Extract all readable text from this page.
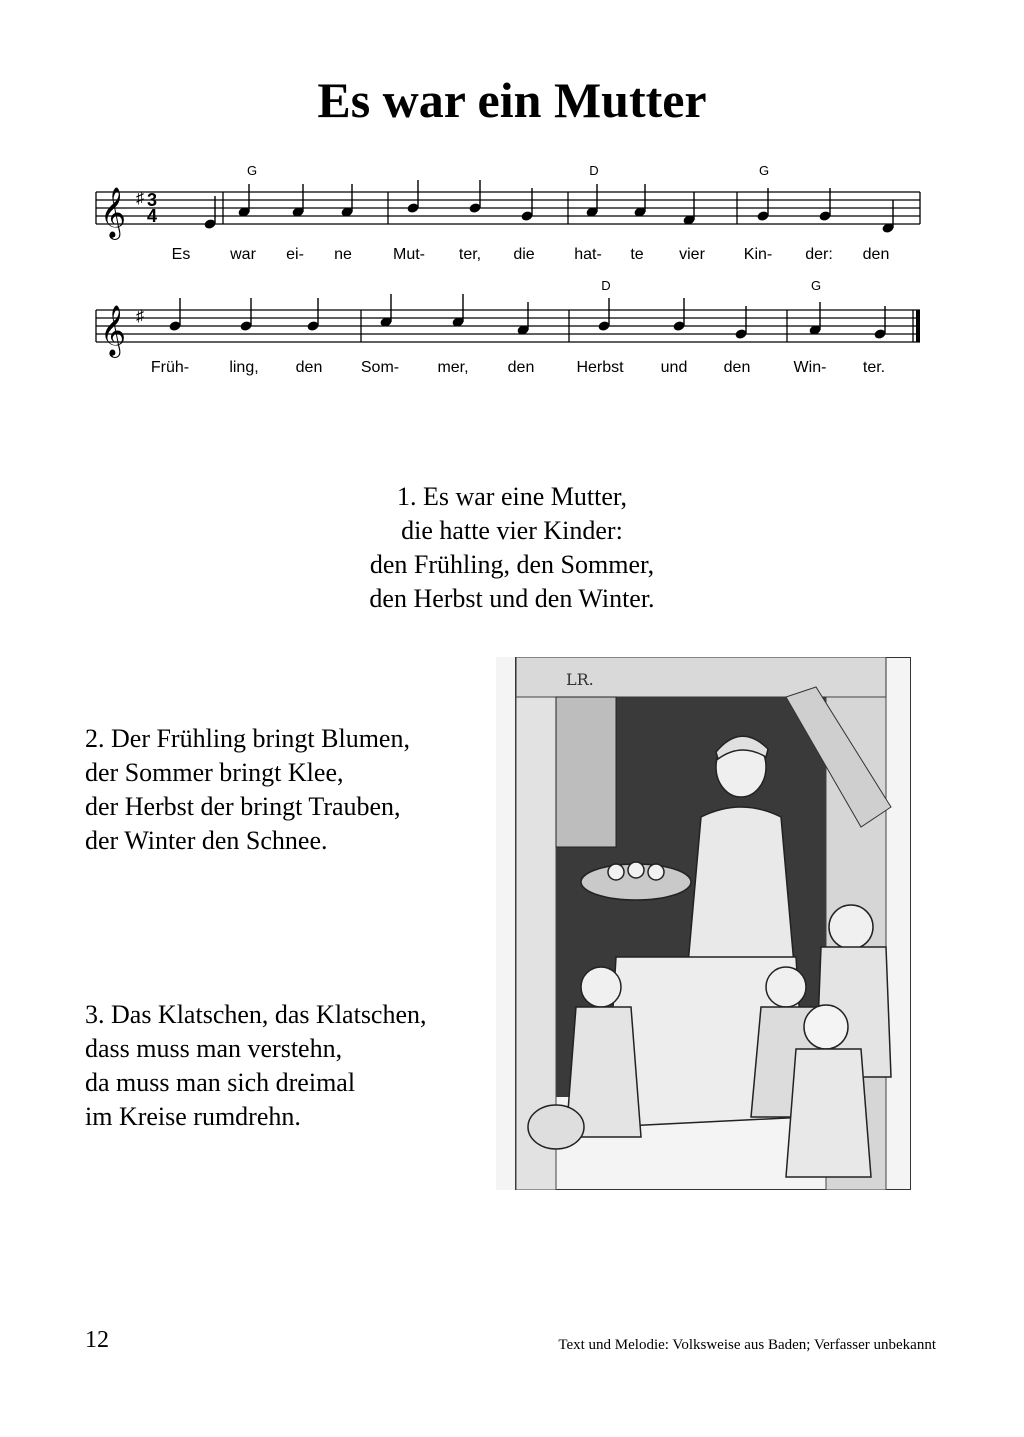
Es war ein Mutter
𝄞 ♯ 3
4
G	D	G
Es war ei- ne	Mut- ter, die hat- te vier Kin- der: den
𝄞 ♯
D	G
Früh-	ling, den Som- mer, den	Herbst und den	Win- ter.
1. Es war eine Mutter,
die hatte vier Kinder:
den Frühling, den Sommer,
den Herbst und den Winter.
2. Der Frühling bringt Blumen,
der Sommer bringt Klee,
der Herbst der bringt Trauben,
der Winter den Schnee.
3. Das Klatschen, das Klatschen,
dass muss man verstehn,
da muss man sich dreimal
im Kreise rumdrehn.
LR.
12	Text und Melodie: Volksweise aus Baden; Verfasser unbekannt
